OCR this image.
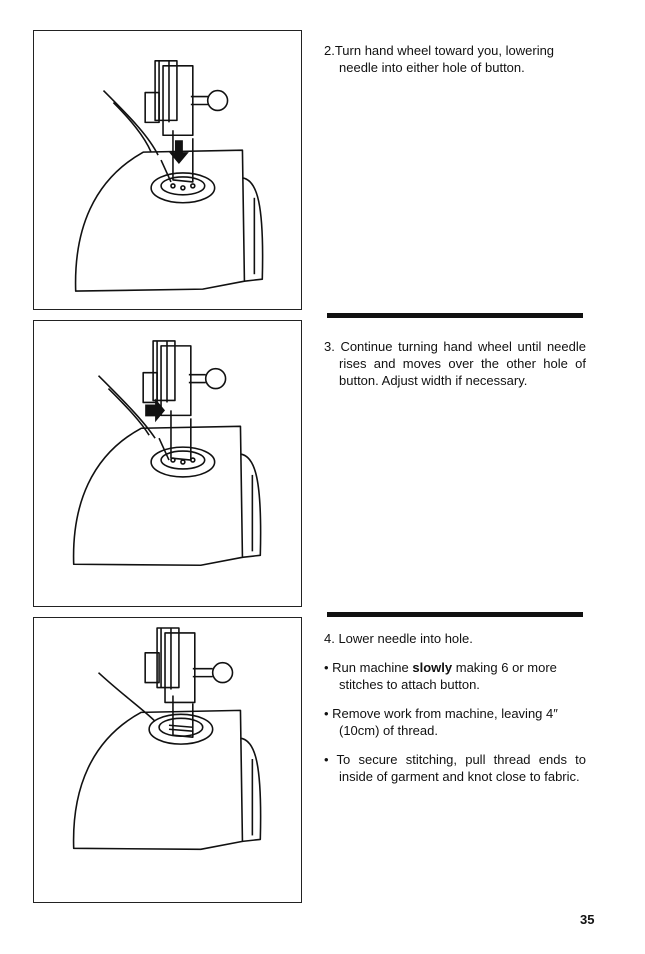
2.Turn hand wheel toward you, lowering needle into either hole of button.

3. Continue turning hand wheel until needle rises and moves over the other hole of button. Adjust width if necessary.

4. Lower needle into hole.

• Run machine slowly making 6 or more stitches to attach button.

• Remove work from machine, leaving 4″ (10cm) of thread.

• To secure stitching, pull thread ends to inside of garment and knot close to fabric.

35
